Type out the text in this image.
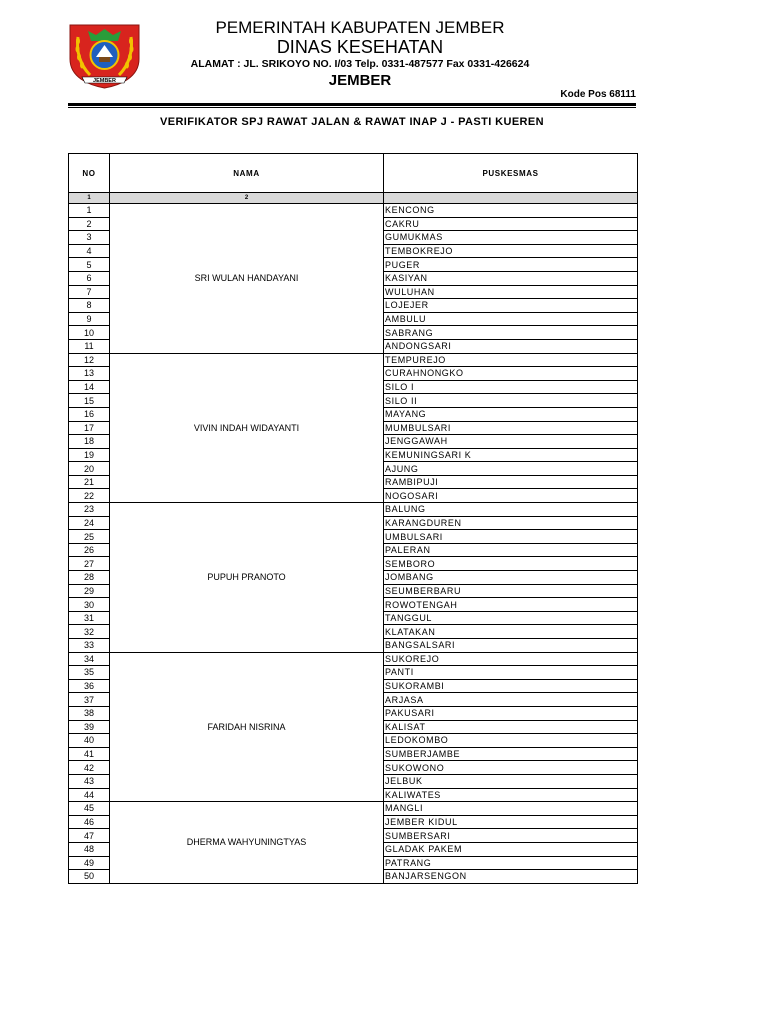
JEMBER
PEMERINTAH KABUPATEN JEMBER
DINAS KESEHATAN
ALAMAT : JL. SRIKOYO NO. I/03 Telp. 0331-487577 Fax 0331-426624
JEMBER
Kode Pos 68111
VERIFIKATOR SPJ RAWAT JALAN & RAWAT INAP J - PASTI KUEREN
NO	NAMA	PUSKESMAS
1	2	
1	SRI WULAN HANDAYANI	KENCONG
2		CAKRU
3		GUMUKMAS
4		TEMBOKREJO
5		PUGER
6		KASIYAN
7		WULUHAN
8		LOJEJER
9		AMBULU
10		SABRANG
11		ANDONGSARI
12	VIVIN INDAH WIDAYANTI	TEMPUREJO
13		CURAHNONGKO
14		SILO I
15		SILO II
16		MAYANG
17		MUMBULSARI
18		JENGGAWAH
19		KEMUNINGSARI K
20		AJUNG
21		RAMBIPUJI
22		NOGOSARI
23	PUPUH PRANOTO	BALUNG
24		KARANGDUREN
25		UMBULSARI
26		PALERAN
27		SEMBORO
28		JOMBANG
29		SEUMBERBARU
30		ROWOTENGAH
31		TANGGUL
32		KLATAKAN
33		BANGSALSARI
34	FARIDAH NISRINA	SUKOREJO
35		PANTI
36		SUKORAMBI
37		ARJASA
38		PAKUSARI
39		KALISAT
40		LEDOKOMBO
41		SUMBERJAMBE
42		SUKOWONO
43		JELBUK
44		KALIWATES
45	DHERMA WAHYUNINGTYAS	MANGLI
46		JEMBER KIDUL
47		SUMBERSARI
48		GLADAK PAKEM
49		PATRANG
50		BANJARSENGON
